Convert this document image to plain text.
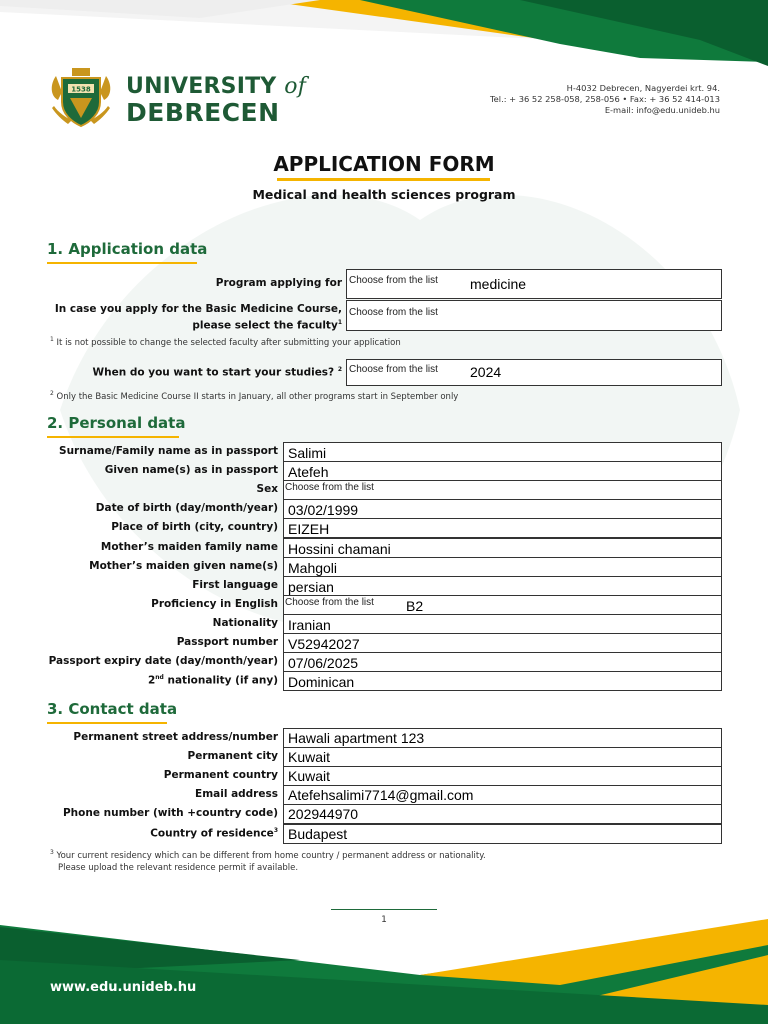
1538 UNIVERSITY of
DEBRECEN
H-4032 Debrecen, Nagyerdei krt. 94.
Tel.: + 36 52 258-058, 258-056 • Fax: + 36 52 414-013
E-mail: info@edu.unideb.hu
APPLICATION FORM
Medical and health sciences program
1. Application data
Program applying for Choose from the list medicine
In case you apply for the Basic Medicine Course,
please select the faculty$^1$
Choose from the list
$^1$ It is not possible to change the selected faculty after submitting your application
When do you want to start your studies? $^2$ Choose from the list 2024
$^2$ Only the Basic Medicine Course II starts in January, all other programs start in September only
2. Personal data
Surname/Family name as in passport Salimi
Given name(s) as in passport Atefeh
Sex Choose from the list
Date of birth (day/month/year) 03/02/1999
Place of birth (city, country) EIZEH
Mother’s maiden family name Hossini chamani
Mother’s maiden given name(s) Mahgoli
First language persian
Proficiency in English Choose from the list B2
Nationality Iranian
Passport number V52942027
Passport expiry date (day/month/year) 07/06/2025
2nd nationality (if any) Dominican
3. Contact data
Permanent street address/number Hawali apartment 123
Permanent city Kuwait
Permanent country Kuwait
Email address Atefehsalimi7714@gmail.com
Phone number (with +country code) 202944970
Country of residence$^3$ Budapest
$^3$ Your current residency which can be different from home country / permanent address or nationality.
Please upload the relevant residence permit if available.
1
www.edu.unideb.hu
